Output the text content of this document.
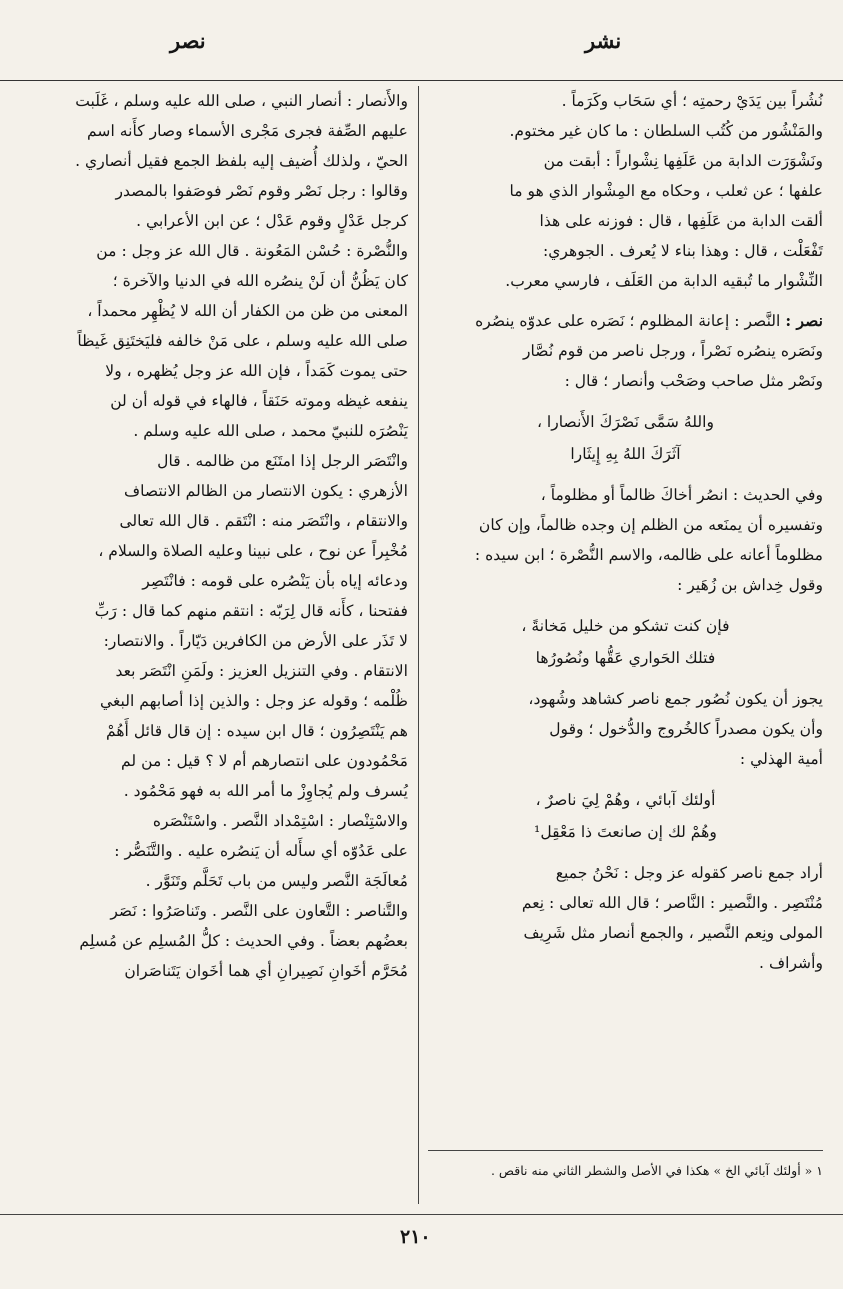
نشر
نصر

نُشُراً بين يَدَيْ رحمتِه ؛ أي سَحَاب وكَرَماً .

والمَنْشُور من كُتُب السلطان : ما كان غير مختوم.

ونَشْوَرَت الدابة من عَلَفِها نِشْواراً : أبقت من

علفها ؛ عن ثعلب ، وحكاه مع المِشْوار الذي هو ما

ألقت الدابة من عَلَفِها ، قال : فوزنه على هذا

تَفْعَلْت ، قال : وهذا بناء لا يُعرف . الجوهري:

النِّشْوار ما تُبقيه الدابة من العَلَف ، فارسي معرب.

نصر : النَّصر : إعانة المظلوم ؛ نَصَره على عدوّه ينصُره

ونَصَره ينصُره نَصْراً ، ورجل ناصر من قوم نُصَّار

ونَصْر مثل صاحب وصَحْب وأنصار ؛ قال :

واللهُ سَمَّى نَصْرَكَ الأَنصارا ،
آثَرَكَ اللهُ بِهِ إِيثَارا

وفي الحديث : انصُر أخاكَ ظالماً أو مظلوماً ،

وتفسيره أن يمنَعه من الظلم إن وجده ظالماً، وإن كان

مظلوماً أعانه على ظالمه، والاسم النُّصْرة ؛ ابن سيده :

وقول خِداش بن زُهَير :

فإن كنت تشكو من خليل مَخانةً ،
فتلك الحَواري عَقُّها ونُصُورُها

يجوز أن يكون نُصُور جمع ناصر كشاهد وشُهود،

وأن يكون مصدراً كالخُروج والدُّخول ؛ وقول

أمية الهذلي :

أولئك آبائي ، وهُمْ لِيَ ناصرٌ ،
وهُمْ لك إن صانعتَ ذا مَعْقِل¹

أراد جمع ناصر كقوله عز وجل : نَحْنُ جميع

مُنْتَصِر . والنَّصير : النَّاصر ؛ قال الله تعالى : نِعم

المولى ونِعم النَّصير ، والجمع أنصار مثل شَرِيف

وأشراف .

١ « أولئك آبائي الخ » هكذا في الأصل والشطر الثاني منه ناقص .

والأَنصار : أنصار النبي ، صلى الله عليه وسلم ، غَلَبت

عليهم الصِّفة فجرى مَجْرى الأسماء وصار كأَنه اسم

الحيّ ، ولذلك أُضيف إليه بلفظ الجمع فقيل أنصاري .

وقالوا : رجل نَصْر وقوم نَصْر فوصَفوا بالمصدر

كرجل عَدْلٍ وقوم عَدْل ؛ عن ابن الأعرابي .

والنُّصْرة : حُسْن المَعُونة . قال الله عز وجل : من

كان يَظُنُّ أن لَنْ ينصُره الله في الدنيا والآخرة ؛

المعنى من ظن من الكفار أن الله لا يُظْهِر محمداً ،

صلى الله عليه وسلم ، على مَنْ خالفه فليَختَنِق غَيظاً

حتى يموت كَمَداً ، فإن الله عز وجل يُظهره ، ولا

ينفعه غيظه وموته حَنَقاً ، فالهاء في قوله أن لن

يَنْصُرَه للنبيّ محمد ، صلى الله عليه وسلم .

وانْتَصَر الرجل إذا امتَنَع من ظالمه . قال

الأزهري : يكون الانتصار من الظالم الانتصاف

والانتقام ، وانْتَصَر منه : انْتَقم . قال الله تعالى

مُخْبِراً عن نوح ، على نبينا وعليه الصلاة والسلام ،

ودعائه إياه بأن يَنْصُره على قومه : فانْتَصِر

ففتحنا ، كأَنه قال لِرَبّه : انتقم منهم كما قال : رَبِّ

لا تَذَر على الأرض من الكافرين دَيّاراً . والانتصار:

الانتقام . وفي التنزيل العزيز : ولَمَنِ انْتَصَر بعد

ظُلْمه ؛ وقوله عز وجل : والذين إذا أصابهم البغي

هم يَنْتَصِرُون ؛ قال ابن سيده : إن قال قائل أَهُمْ

مَحْمُودون على انتصارهم أم لا ؟ قيل : من لم

يُسرف ولم يُجاوِزْ ما أمر الله به فهو مَحْمُود .

والاسْتِنْصار : اسْتِمْداد النَّصر . واسْتَنْصَره

على عَدُوّه أي سأَله أن يَنصُره عليه . والتَّنَصُّر :

مُعالَجَة النَّصر وليس من باب تَحَلَّم وتَنَوَّر .

والتَّناصر : التَّعاون على النَّصر . وتَناصَرُوا : نَصَر

بعضُهم بعضاً . وفي الحديث : كلُّ المُسلِم عن مُسلِم

مُحَرَّم أخَوانِ نَصِيرانِ أي هما أخَوان يَتَناصَران

٢١٠
